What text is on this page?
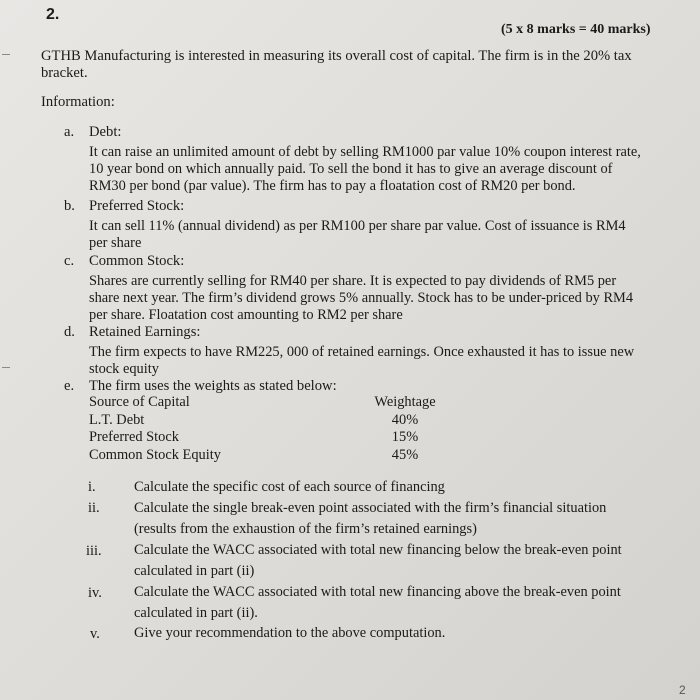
2.
(5 x 8 marks = 40 marks)
GTHB Manufacturing is interested in measuring its overall cost of capital. The firm is in the 20% tax
bracket.
Information:
a. Debt:
It can raise an unlimited amount of debt by selling RM1000 par value 10% coupon interest rate,
10 year bond on which annually paid. To sell the bond it has to give an average discount of
RM30 per bond (par value). The firm has to pay a floatation cost of RM20 per bond.
b. Preferred Stock:
It can sell 11% (annual dividend) as per RM100 per share par value. Cost of issuance is RM4
per share
c. Common Stock:
Shares are currently selling for RM40 per share. It is expected to pay dividends of RM5 per
share next year. The firm’s dividend grows 5% annually. Stock has to be under-priced by RM4
per share. Floatation cost amounting to RM2 per share
d. Retained Earnings:
The firm expects to have RM225, 000 of retained earnings. Once exhausted it has to issue new
stock equity
e. The firm uses the weights as stated below:
Source of Capital
L.T. Debt
Preferred Stock
Common Stock Equity
Weightage
40%
15%
45%
i.	Calculate the specific cost of each source of financing
ii. Calculate the single break-even point associated with the firm’s financial situation
(results from the exhaustion of the firm’s retained earnings)
iii. Calculate the WACC associated with total new financing below the break-even point
calculated in part (ii)
iv. Calculate the WACC associated with total new financing above the break-even point
calculated in part (ii).
v. Give your recommendation to the above computation.
2
